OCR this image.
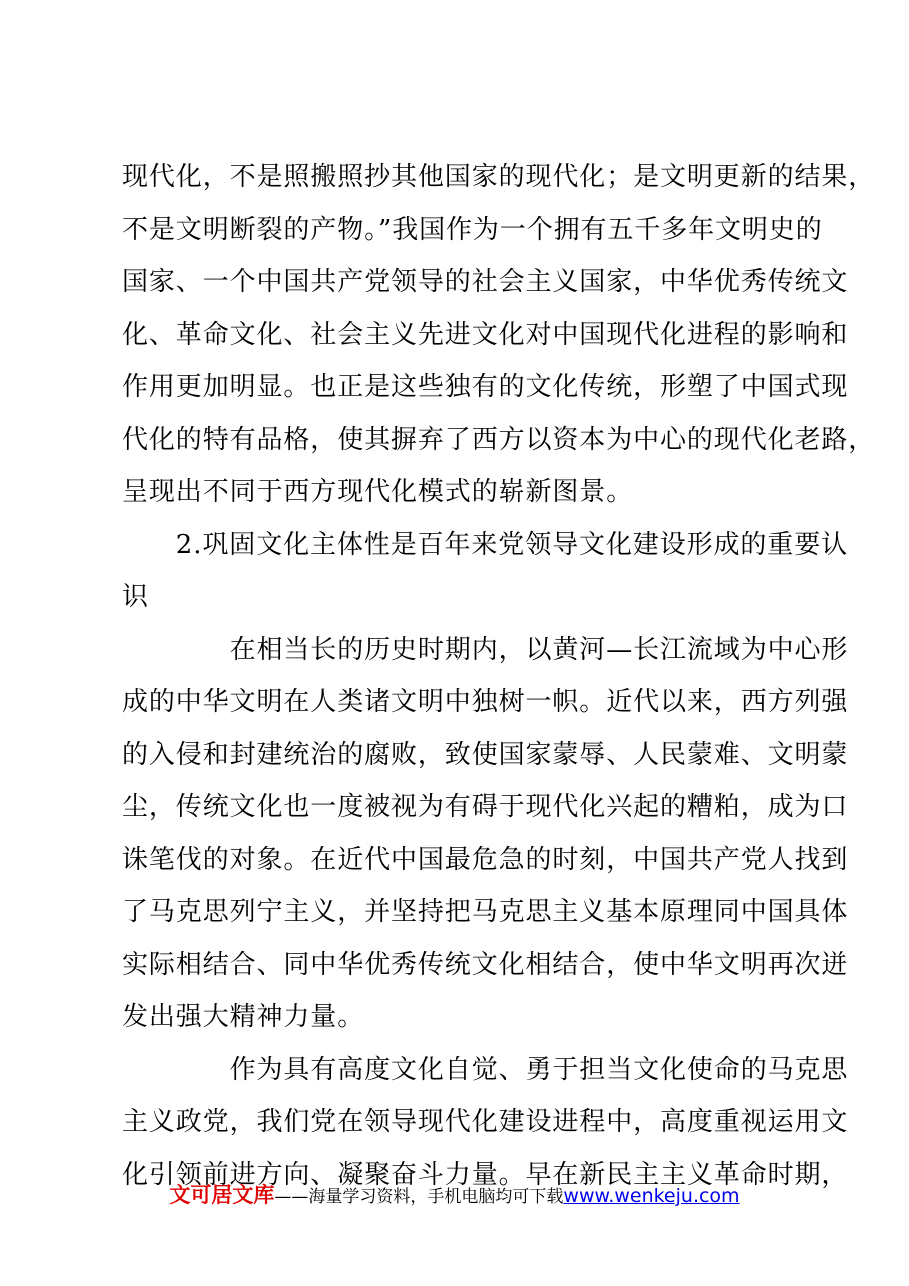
现代化，不是照搬照抄其他国家的现代化；是文明更新的结果，
不是文明断裂的产物。”我国作为一个拥有五千多年文明史的
国家、一个中国共产党领导的社会主义国家，中华优秀传统文
化、革命文化、社会主义先进文化对中国现代化进程的影响和
作用更加明显。也正是这些独有的文化传统，形塑了中国式现
代化的特有品格，使其摒弃了西方以资本为中心的现代化老路，
呈现出不同于西方现代化模式的崭新图景。
　　2.巩固文化主体性是百年来党领导文化建设形成的重要认
识
　　　　在相当长的历史时期内，以黄河—长江流域为中心形
成的中华文明在人类诸文明中独树一帜。近代以来，西方列强
的入侵和封建统治的腐败，致使国家蒙辱、人民蒙难、文明蒙
尘，传统文化也一度被视为有碍于现代化兴起的糟粕，成为口
诛笔伐的对象。在近代中国最危急的时刻，中国共产党人找到
了马克思列宁主义，并坚持把马克思主义基本原理同中国具体
实际相结合、同中华优秀传统文化相结合，使中华文明再次迸
发出强大精神力量。
　　　　作为具有高度文化自觉、勇于担当文化使命的马克思
主义政党，我们党在领导现代化建设进程中，高度重视运用文
化引领前进方向、凝聚奋斗力量。早在新民主主义革命时期，
文可居文库——海量学习资料，手机电脑均可下载www.wenkeju.com
